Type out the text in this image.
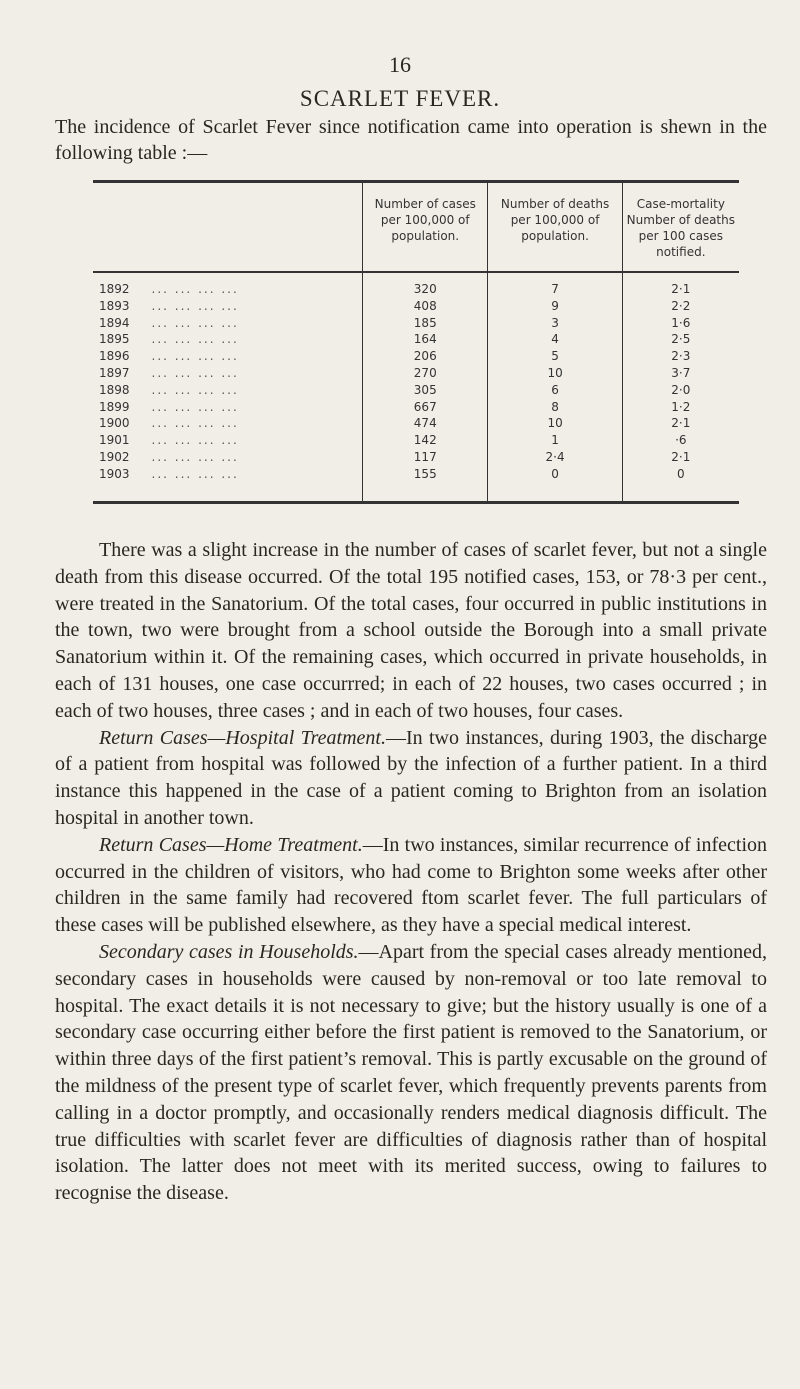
16
SCARLET FEVER.
The incidence of Scarlet Fever since notification came into operation is shewn in the following table :—
	Number of cases per 100,000 of population.	Number of deaths per 100,000 of population.	Case-mortality Number of deaths per 100 cases notified.
1892 ... ... ... ...	320	7	2·1
1893 ... ... ... ...	408	9	2·2
1894 ... ... ... ...	185	3	1·6
1895 ... ... ... ...	164	4	2·5
1896 ... ... ... ...	206	5	2·3
1897 ... ... ... ...	270	10	3·7
1898 ... ... ... ...	305	6	2·0
1899 ... ... ... ...	667	8	1·2
1900 ... ... ... ...	474	10	2·1
1901 ... ... ... ...	142	1	·6
1902 ... ... ... ...	117	2·4	2·1
1903 ... ... ... ...	155	0	0

There was a slight increase in the number of cases of scarlet fever, but not a single death from this disease occurred. Of the total 195 notified cases, 153, or 78·3 per cent., were treated in the Sanatorium. Of the total cases, four occurred in public institutions in the town, two were brought from a school outside the Borough into a small private Sanatorium within it. Of the remaining cases, which occurred in private households, in each of 131 houses, one case occurrred; in each of 22 houses, two cases occurred ; in each of two houses, three cases ; and in each of two houses, four cases.

Return Cases—Hospital Treatment.—In two instances, during 1903, the discharge of a patient from hospital was followed by the infection of a further patient. In a third instance this happened in the case of a patient coming to Brighton from an isolation hospital in another town.

Return Cases—Home Treatment.—In two instances, similar recurrence of infection occurred in the children of visitors, who had come to Brighton some weeks after other children in the same family had recovered ftom scarlet fever. The full particulars of these cases will be published elsewhere, as they have a special medical interest.

Secondary cases in Households.—Apart from the special cases already mentioned, secondary cases in households were caused by non-removal or too late removal to hospital. The exact details it is not necessary to give; but the history usually is one of a secondary case occurring either before the first patient is removed to the Sanatorium, or within three days of the first patient’s removal. This is partly excusable on the ground of the mildness of the present type of scarlet fever, which frequently prevents parents from calling in a doctor promptly, and occasionally renders medical diagnosis difficult. The true difficulties with scarlet fever are difficulties of diagnosis rather than of hospital isolation. The latter does not meet with its merited success, owing to failures to recognise the disease.
